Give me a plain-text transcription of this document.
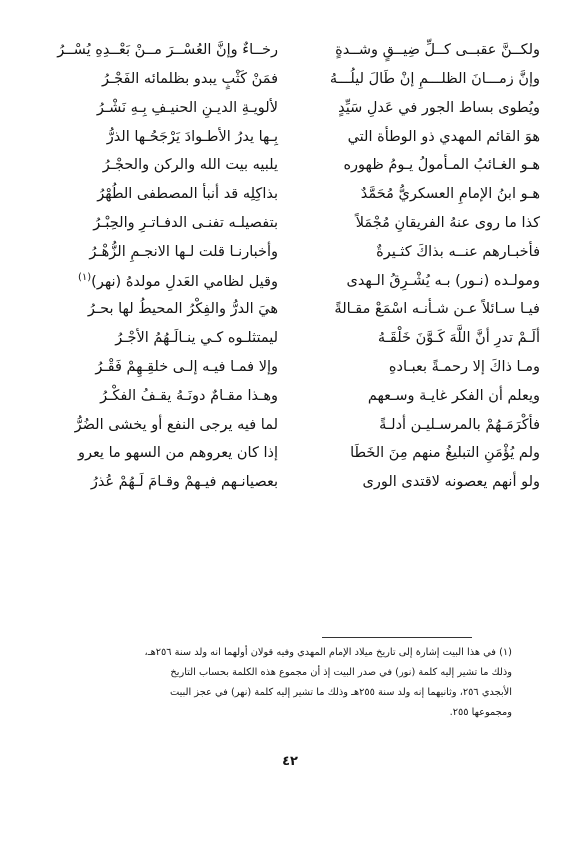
ولكــنَّ عقبــى كــلِّ ضِيــقٍ وشــدةٍ
رخــاءٌ وإنَّ العُسْــرَ مــنْ بَعْــدِهِ يُسْــرُ
وإنَّ زمـــانَ الظلـــمِ إنْ طَالَ ليلُـــهُ
فمَنْ كَثْبٍ يبدو بظلمائه الفَجْـرُ
ويُطوى بساط الجور في عَدلِ سَيِّدٍ
لألويـةِ الديـنِ الحنيـفِ بِـهِ نَشْـرُ
هوَ القائم المهدي ذو الوطأة التي
بِـها يدرُ الأطـوادَ يَرْجَحُـها الذرُّ
هـو الغـائبُ المـأمولُ يـومُ ظهوره
يلبيه بيت الله والركن والحجْـرُ
هـو ابنُ الإمامِ العسكريُّ مُحَمَّدٌ
بذاكِلِه قد أنبأ المصطفى الطُهْرُ
كذا ما روى عنهُ الفريقانِ مُجْمَلاً
بتفصيلـه تفنـى الدفـاتـرِ والحِبْـرُ
فأخبـارهم عنــه بذاكَ كثـيرةٌ
وأخبارنـا قلت لـها الانجـمِ الزُّهْـرُ
ومولـده (نـور) بـه يُشْـرِقُ الـهدى
وقيل لظامي العَدلِ مولدهُ (نهر)$^{(١)}$
فيـا سـائلاً عـن شـأنـه اسْمَعْ مقـالةً
هيَ الدرُّ والفِكْرُ المحيطُ لها بحـرُ
ألَـمْ تدرِ أنَّ اللَّهَ كَـوَّنَ خَلْقَـهُ
ليمتثلـوه كـي ينـالَـهُمُ الأجْـرُ
ومـا ذاكَ إلا رحمـةً بعبـادهِ
وإلا فمـا فيـه إلـى خلقِـهِمْ فَقْـرُ
ويعلم أن الفكر غايـة وسـعهم
وهـذا مقـامٌ دونَـهُ يقـفُ الفكْـرُ
فأكْرَمَـهُمْ بالمرسـليـن أدلـةً
لما فيه يرجى النفع أو يخشى الضُرُّ
ولم يُؤْمَنِ التبليغُ منهم مِنَ الخَطَا
إذا كان يعروهم من السهو ما يعرو
ولو أنهم يعصونه لاقتدى الورى
بعصيانـهم فيـهمْ وقـامَ لَـهُمْ عُذرُ
(١) في هذا البيت إشارة إلى تاريخ ميلاد الإمام المهدي وفيه قولان أولهما انه ولد سنة ٢٥٦هـ،
وذلك ما تشير إليه كلمة (نور) في صدر البيت إذ أن مجموع هذه الكلمة بحساب التاريخ
الأبجدي ٢٥٦، وثانيهما إنه ولد سنة ٢٥٥هـ وذلك ما تشير إليه كلمة (نهر) في عجز البيت
ومجموعها ٢٥٥.
٤٢
